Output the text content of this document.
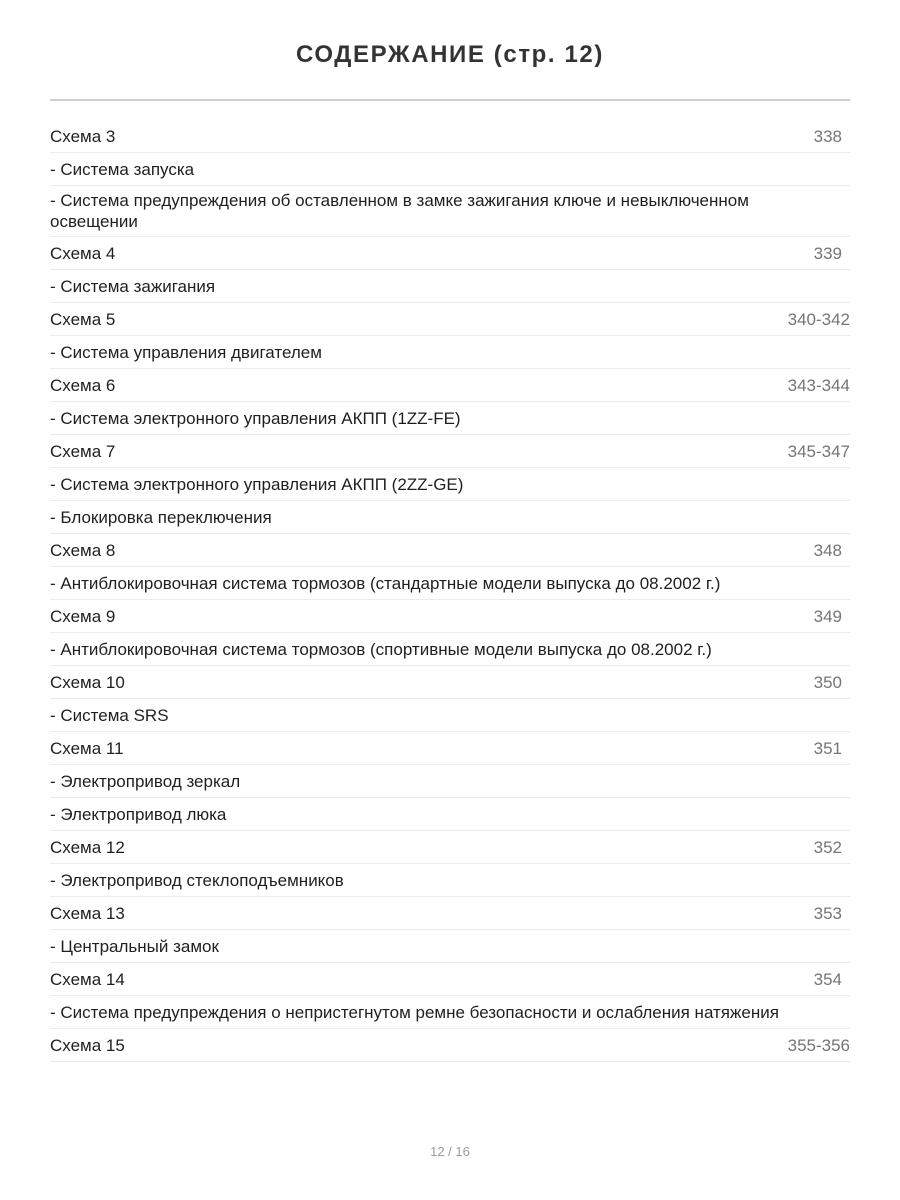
СОДЕРЖАНИЕ (стр. 12)
Схема 3	338
- Система запуска
- Система предупреждения об оставленном в замке зажигания ключе и невыключенном освещении
Схема 4	339
- Система зажигания
Схема 5	340-342
- Система управления двигателем
Схема 6	343-344
- Система электронного управления АКПП (1ZZ-FE)
Схема 7	345-347
- Система электронного управления АКПП (2ZZ-GE)
- Блокировка переключения
Схема 8	348
- Антиблокировочная система тормозов (стандартные модели выпуска до 08.2002 г.)
Схема 9	349
- Антиблокировочная система тормозов (спортивные модели выпуска до 08.2002 г.)
Схема 10	350
- Система SRS
Схема 11	351
- Электропривод зеркал
- Электропривод люка
Схема 12	352
- Электропривод стеклоподъемников
Схема 13	353
- Центральный замок
Схема 14	354
- Система предупреждения о непристегнутом ремне безопасности и ослабления натяжения
Схема 15	355-356
12 / 16
